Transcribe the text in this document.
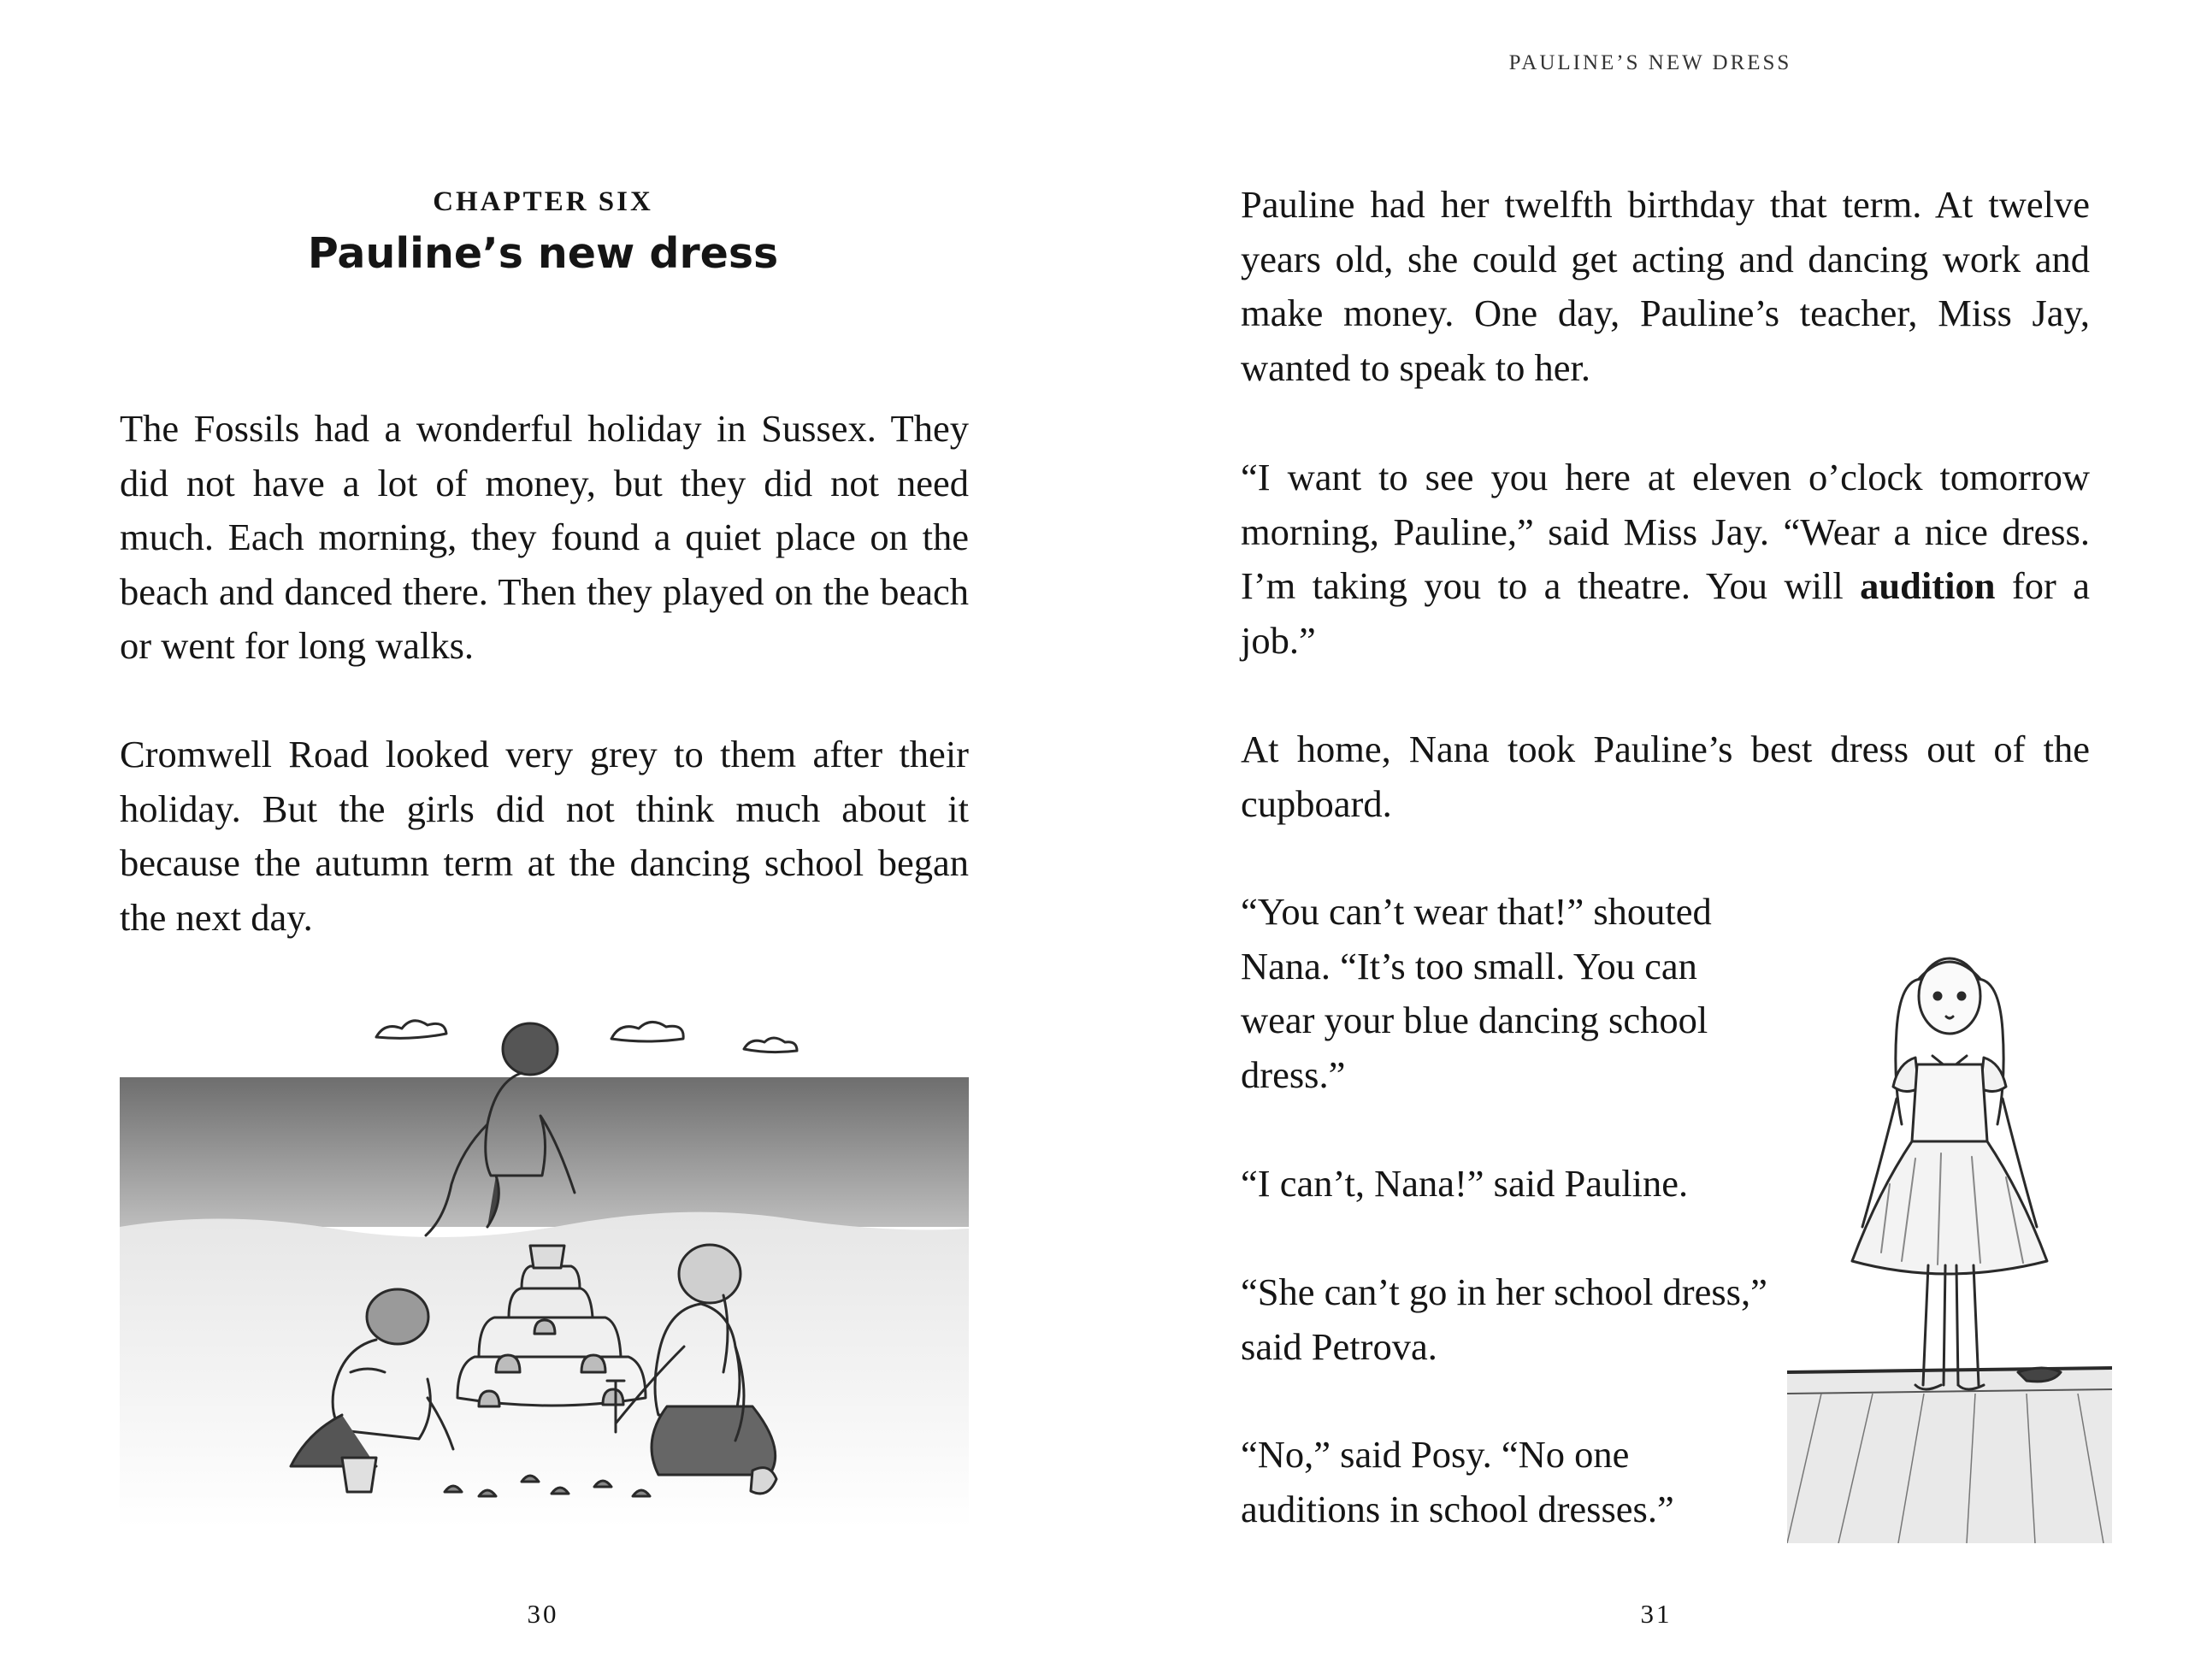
CHAPTER SIX
Pauline’s new dress

The Fossils had a wonderful holiday in Sussex. They did not have a lot of money, but they did not need much. Each morning, they found a quiet place on the beach and danced there. Then they played on the beach or went for long walks.

Cromwell Road looked very grey to them after their holiday. But the girls did not think much about it because the autumn term at the dancing school began the next day.

30
PAULINE’S NEW DRESS

Pauline had her twelfth birthday that term. At twelve years old, she could get acting and dancing work and make money. One day, Pauline’s teacher, Miss Jay, wanted to speak to her.

“I want to see you here at eleven o’clock tomorrow morning, Pauline,” said Miss Jay. “Wear a nice dress. I’m taking you to a theatre. You will audition for a job.”

At home, Nana took Pauline’s best dress out of the cupboard.

“You can’t wear that!” shouted Nana. “It’s too small. You can wear your blue dancing school dress.”

“I can’t, Nana!” said Pauline.

“She can’t go in her school dress,” said Petrova.

“No,” said Posy. “No one auditions in school dresses.”

31
